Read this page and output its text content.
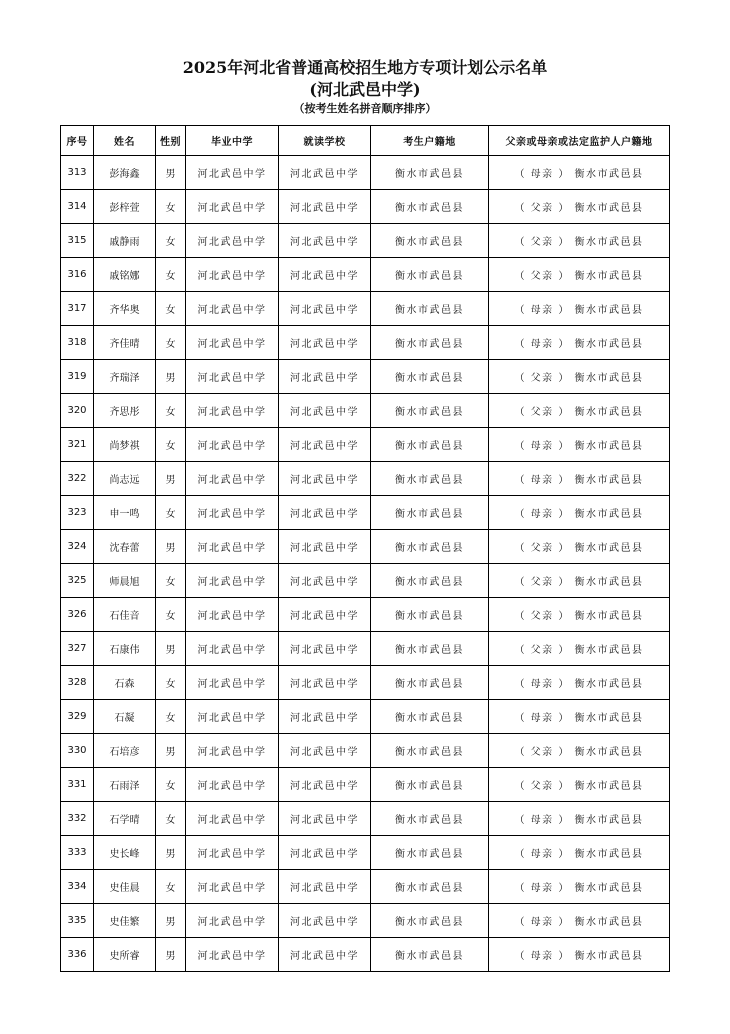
2025年河北省普通高校招生地方专项计划公示名单
(河北武邑中学)
（按考生姓名拼音顺序排序）
序号	姓名	性别	毕业中学	就读学校	考生户籍地	父亲或母亲或法定监护人户籍地
313	彭海鑫	男	河北武邑中学	河北武邑中学	衡水市武邑县	（ 母亲 ） 衡水市武邑县
314	彭梓萱	女	河北武邑中学	河北武邑中学	衡水市武邑县	（ 父亲 ） 衡水市武邑县
315	戚静雨	女	河北武邑中学	河北武邑中学	衡水市武邑县	（ 父亲 ） 衡水市武邑县
316	戚铭娜	女	河北武邑中学	河北武邑中学	衡水市武邑县	（ 父亲 ） 衡水市武邑县
317	齐华奥	女	河北武邑中学	河北武邑中学	衡水市武邑县	（ 母亲 ） 衡水市武邑县
318	齐佳晴	女	河北武邑中学	河北武邑中学	衡水市武邑县	（ 母亲 ） 衡水市武邑县
319	齐瑞泽	男	河北武邑中学	河北武邑中学	衡水市武邑县	（ 父亲 ） 衡水市武邑县
320	齐思彤	女	河北武邑中学	河北武邑中学	衡水市武邑县	（ 父亲 ） 衡水市武邑县
321	尚梦祺	女	河北武邑中学	河北武邑中学	衡水市武邑县	（ 母亲 ） 衡水市武邑县
322	尚志远	男	河北武邑中学	河北武邑中学	衡水市武邑县	（ 母亲 ） 衡水市武邑县
323	申一鸣	女	河北武邑中学	河北武邑中学	衡水市武邑县	（ 母亲 ） 衡水市武邑县
324	沈春蕾	男	河北武邑中学	河北武邑中学	衡水市武邑县	（ 父亲 ） 衡水市武邑县
325	师晨旭	女	河北武邑中学	河北武邑中学	衡水市武邑县	（ 父亲 ） 衡水市武邑县
326	石佳音	女	河北武邑中学	河北武邑中学	衡水市武邑县	（ 父亲 ） 衡水市武邑县
327	石康伟	男	河北武邑中学	河北武邑中学	衡水市武邑县	（ 父亲 ） 衡水市武邑县
328	石森	女	河北武邑中学	河北武邑中学	衡水市武邑县	（ 母亲 ） 衡水市武邑县
329	石凝	女	河北武邑中学	河北武邑中学	衡水市武邑县	（ 母亲 ） 衡水市武邑县
330	石培彦	男	河北武邑中学	河北武邑中学	衡水市武邑县	（ 父亲 ） 衡水市武邑县
331	石雨泽	女	河北武邑中学	河北武邑中学	衡水市武邑县	（ 父亲 ） 衡水市武邑县
332	石学晴	女	河北武邑中学	河北武邑中学	衡水市武邑县	（ 母亲 ） 衡水市武邑县
333	史长峰	男	河北武邑中学	河北武邑中学	衡水市武邑县	（ 母亲 ） 衡水市武邑县
334	史佳晨	女	河北武邑中学	河北武邑中学	衡水市武邑县	（ 母亲 ） 衡水市武邑县
335	史佳繁	男	河北武邑中学	河北武邑中学	衡水市武邑县	（ 母亲 ） 衡水市武邑县
336	史所睿	男	河北武邑中学	河北武邑中学	衡水市武邑县	（ 母亲 ） 衡水市武邑县
